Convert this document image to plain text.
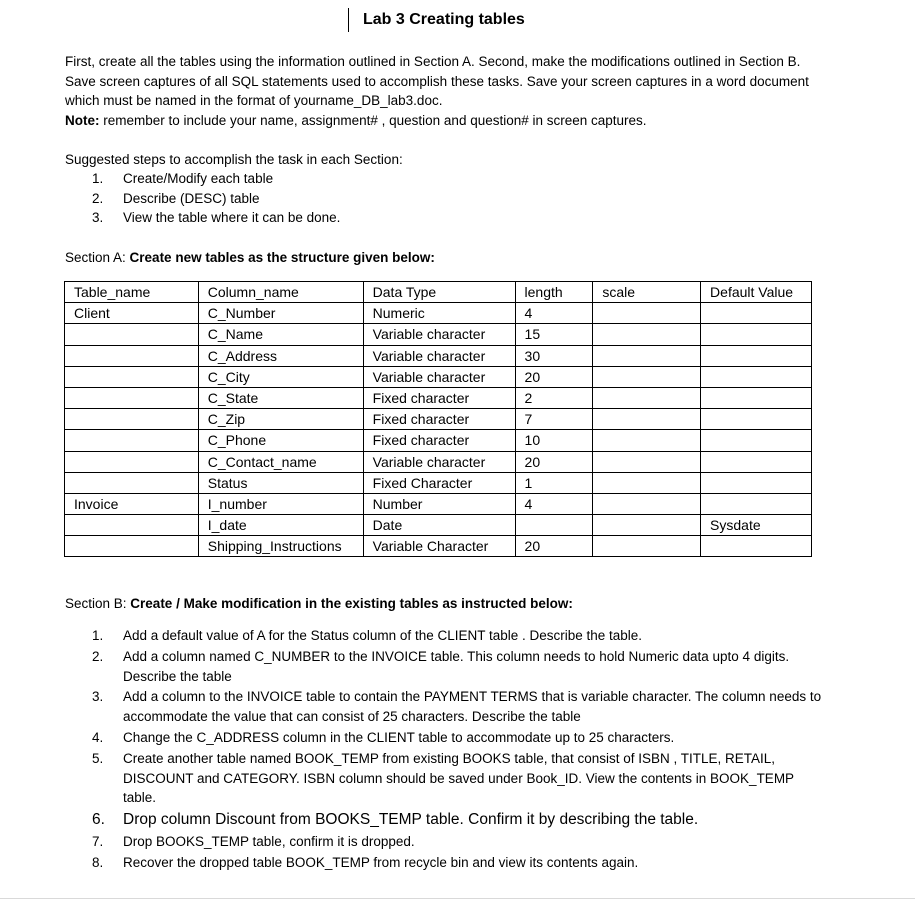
Lab 3 Creating tables

First, create all the tables using the information outlined in Section A. Second, make the modifications outlined in Section B. Save screen captures of all SQL statements used to accomplish these tasks. Save your screen captures in a word document which must be named in the format of yourname_DB_lab3.doc.
Note: remember to include your name, assignment# , question and question# in screen captures.

Suggested steps to accomplish the task in each Section:

1. Create/Modify each table
2. Describe (DESC) table
3. View the table where it can be done.

Section A: Create new tables as the structure given below:

Table_name	Column_name	Data Type	length	scale	Default Value
Client	C_Number	Numeric	4		
	C_Name	Variable character	15		
	C_Address	Variable character	30		
	C_City	Variable character	20		
	C_State	Fixed character	2		
	C_Zip	Fixed character	7		
	C_Phone	Fixed character	10		
	C_Contact_name	Variable character	20		
	Status	Fixed Character	1		
Invoice	I_number	Number	4		
	I_date	Date			Sysdate
	Shipping_Instructions	Variable Character	20		

Section B: Create / Make modification in the existing tables as instructed below:

1. Add a default value of A for the Status column of the CLIENT table . Describe the table.
2. Add a column named C_NUMBER to the INVOICE table. This column needs to hold Numeric data upto 4 digits. Describe the table
3. Add a column to the INVOICE table to contain the PAYMENT TERMS that is variable character. The column needs to accommodate the value that can consist of 25 characters. Describe the table
4. Change the C_ADDRESS column in the CLIENT table to accommodate up to 25 characters.
5. Create another table named BOOK_TEMP from existing BOOKS table, that consist of ISBN , TITLE, RETAIL, DISCOUNT and CATEGORY. ISBN column should be saved under Book_ID. View the contents in BOOK_TEMP table.
6. Drop column Discount from BOOKS_TEMP table. Confirm it by describing the table.
7. Drop BOOKS_TEMP table, confirm it is dropped.
8. Recover the dropped table BOOK_TEMP from recycle bin and view its contents again.
